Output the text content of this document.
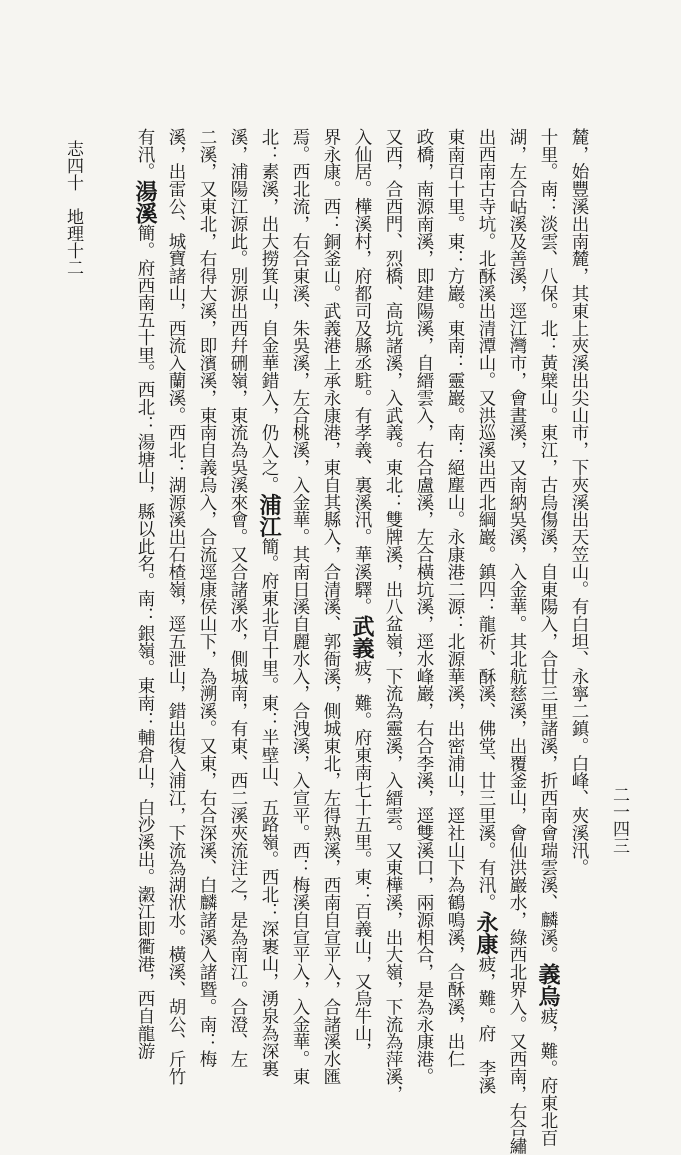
麓，始豐溪出南麓，其東上夾溪出尖山市，下夾溪出天笠山。有白坦、永寧二鎮。白峰、夾溪汛。
十里。南：淡雲、八保。北：黃檗山。東江，古烏傷溪，自東陽入，合廿三里諸溪，折西南會瑞雲溪、麟溪。義烏疲，難。府東北百
湖，左合岵溪及善溪，逕江灣市，會晝溪，又南納吳溪，入金華。其北航慈溪，出覆釜山，會仙洪巖水，綠西北界入。又西南，右合繡
出西南古寺坑。北酥溪出清潭山。又洪巡溪出西北綱巖。鎮四：龍祈、酥溪、佛堂、廿三里溪。有汛。永康疲，難。府　李溪
東南百十里。東：方巖。東南：靈巖。南：絕塵山。永康港二源：北源華溪，出密浦山，逕社山下為鶴鳴溪，合酥溪，出仁
政橋，南源南溪，即建陽溪，自縉雲入，右合盧溪，左合橫坑溪，逕水峰巖，右合李溪，逕雙溪口，兩源相合，是為永康港。
又西，合西門、烈橋、高坑諸溪，入武義。東北：雙牌溪，出八盆嶺，下流為靈溪，入縉雲。又東樺溪，出大嶺，下流為萍溪，
入仙居。樺溪村，府都司及縣丞駐。有孝義、裏溪汛。華溪驛。武義疲，難。府東南七十五里。東：百義山，又烏牛山，
界永康。西：銅釜山。武義港上承永康港，東自其縣入，合清溪、郭衙溪，側城東北，左得熟溪，西南自宣平入，合諸溪水匯
焉。西北流，右合東溪、朱吳溪，左合桃溪，入金華。其南日溪自麗水入，合洩溪，入宣平。西：梅溪自宣平入，入金華。東
北：素溪，出大撈箕山，自金華錯入，仍入之。浦江簡。府東北百十里。東：半壁山、五路嶺。西北：深裹山，湧泉為深裏
溪，浦陽江源此。別源出西幷硎嶺，東流為吳溪來會。又合諸溪水，側城南，有東、西二溪夾流注之，是為南江。合澄、左
二溪，又東北，右得大溪，即濱溪，東南自義烏入，合流逕康侯山下，為溯溪。又東，右合深溪、白麟諸溪入諸暨。南：梅
溪，出雷公、城寶諸山，西流入蘭溪。西北：湖源溪出石楂嶺，逕五泄山，錯出復入浦江，下流為湖洑水。橫溪、胡公、斤竹
有汛。湯溪簡。府西南五十里。西北：湯塘山，縣以此名。南：銀嶺。東南：輔倉山，白沙溪出。瀔江即衢港，西自龍游
志四十　地理十二
二一四三
